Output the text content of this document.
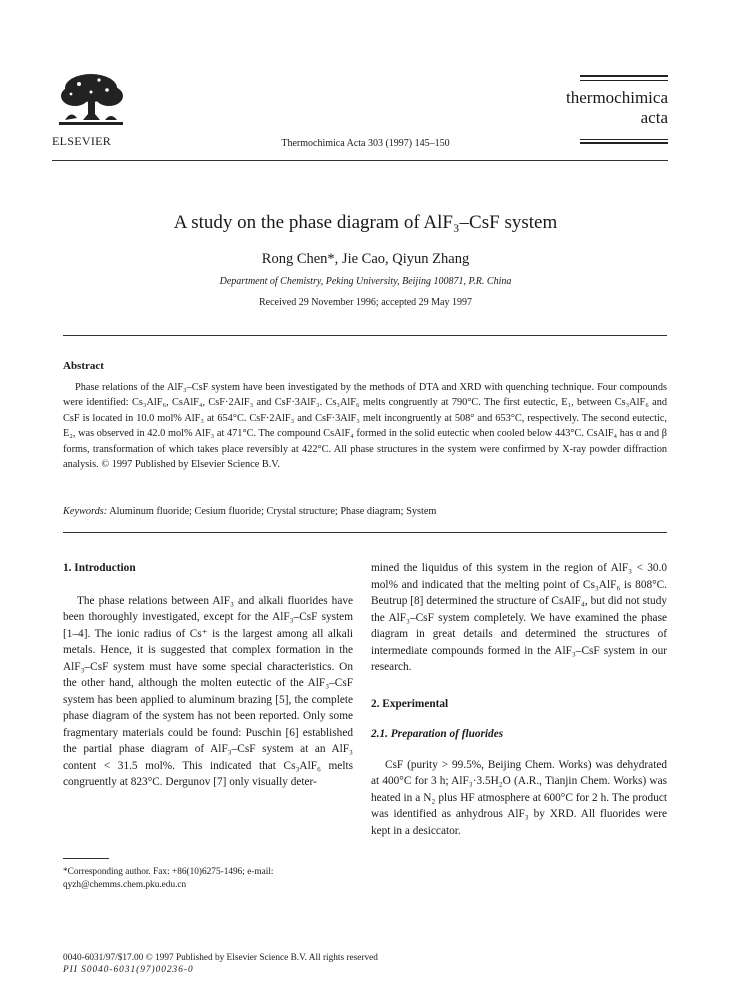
ELSEVIER	Thermochimica Acta 303 (1997) 145–150
thermochimica
acta
A study on the phase diagram of AlF₃–CsF system
Rong Chen*, Jie Cao, Qiyun Zhang
Department of Chemistry, Peking University, Beijing 100871, P.R. China
Received 29 November 1996; accepted 29 May 1997
Abstract
Phase relations of the AlF₃–CsF system have been investigated by the methods of DTA and XRD with quenching technique. Four compounds were identified: Cs₃AlF₆, CsAlF₄, CsF·2AlF₃ and CsF·3AlF₃. Cs₃AlF₆ melts congruently at 790°C. The first eutectic, E₁, between Cs₃AlF₆ and CsF is located in 10.0 mol% AlF₃ at 654°C. CsF·2AlF₃ and CsF·3AlF₃ melt incongruently at 508° and 653°C, respectively. The second eutectic, E₂, was observed in 42.0 mol% AlF₃ at 471°C. The compound CsAlF₄ formed in the solid eutectic when cooled below 443°C. CsAlF₄ has α and β forms, transformation of which takes place reversibly at 422°C. All phase structures in the system were confirmed by X-ray powder diffraction analysis. © 1997 Published by Elsevier Science B.V.
Keywords: Aluminum fluoride; Cesium fluoride; Crystal structure; Phase diagram; System
1. Introduction

The phase relations between AlF₃ and alkali fluorides have been thoroughly investigated, except for the AlF₃–CsF system [1–4]. The ionic radius of Cs⁺ is the largest among all alkali metals. Hence, it is suggested that complex formation in the AlF₃–CsF system must have some special characteristics. On the other hand, although the molten eutectic of the AlF₃–CsF system has been applied to aluminum brazing [5], the complete phase diagram of the system has not been reported. Only some fragmentary materials could be found: Puschin [6] established the partial phase diagram of AlF₃–CsF system at an AlF₃ content < 31.5 mol%. This indicated that Cs₃AlF₆ melts congruently at 823°C. Dergunov [7] only visually deter-

mined the liquidus of this system in the region of AlF₃ < 30.0 mol% and indicated that the melting point of Cs₃AlF₆ is 808°C. Beutrup [8] determined the structure of CsAlF₄, but did not study the AlF₃–CsF system completely. We have examined the phase diagram in great details and determined the structures of intermediate compounds formed in the AlF₃–CsF system in our research.

2. Experimental
2.1. Preparation of fluorides

CsF (purity > 99.5%, Beijing Chem. Works) was dehydrated at 400°C for 3 h; AlF₃·3.5H₂O (A.R., Tianjin Chem. Works) was heated in a N₂ plus HF atmosphere at 600°C for 2 h. The product was identified as anhydrous AlF₃ by XRD. All fluorides were kept in a desiccator.

*Corresponding author. Fax: +86(10)6275-1496; e-mail: qyzh@chemms.chem.pku.edu.cn
0040-6031/97/$17.00 © 1997 Published by Elsevier Science B.V. All rights reserved
PII S0040-6031(97)00236-0
